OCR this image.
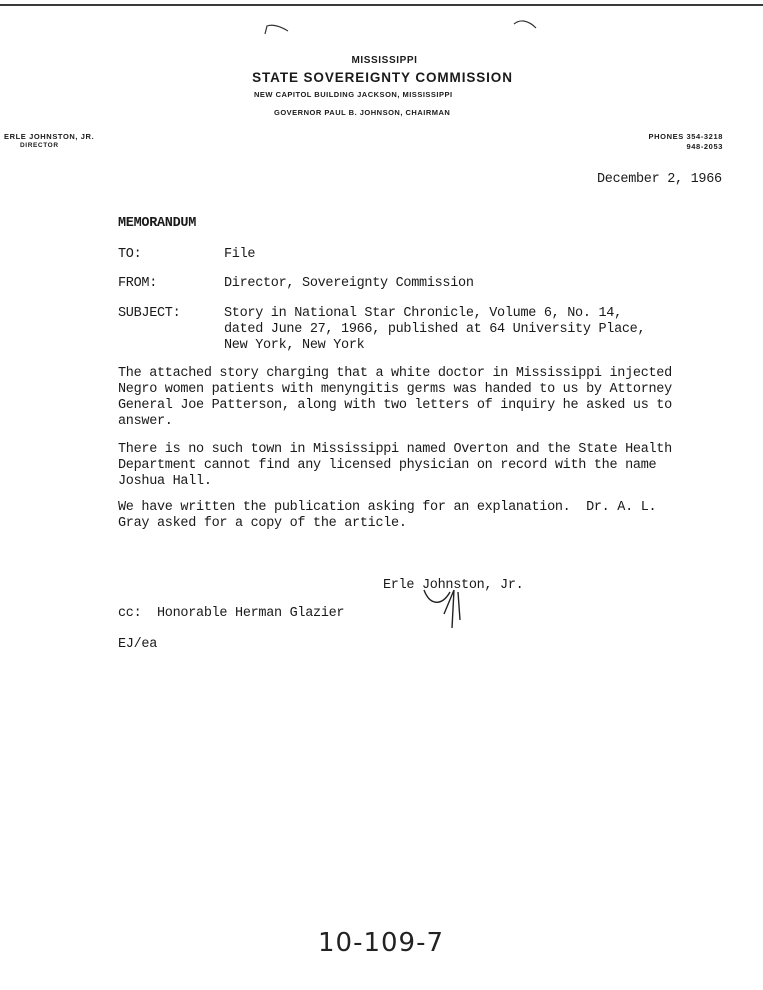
MISSISSIPPI
STATE SOVEREIGNTY COMMISSION
NEW CAPITOL BUILDING JACKSON, MISSISSIPPI
GOVERNOR PAUL B. JOHNSON, CHAIRMAN
ERLE JOHNSTON, JR.
DIRECTOR
PHONES 354-3218
948-2053
December 2, 1966
MEMORANDUM
TO:	File
FROM:	Director, Sovereignty Commission
SUBJECT:	Story in National Star Chronicle, Volume 6, No. 14,
dated June 27, 1966, published at 64 University Place,
New York, New York
The attached story charging that a white doctor in Mississippi injected
Negro women patients with menyngitis germs was handed to us by Attorney
General Joe Patterson, along with two letters of inquiry he asked us to
answer.
There is no such town in Mississippi named Overton and the State Health
Department cannot find any licensed physician on record with the name
Joshua Hall.
We have written the publication asking for an explanation.  Dr. A. L.
Gray asked for a copy of the article.
Erle Johnston, Jr.
cc:  Honorable Herman Glazier
EJ/ea
10-109-7
